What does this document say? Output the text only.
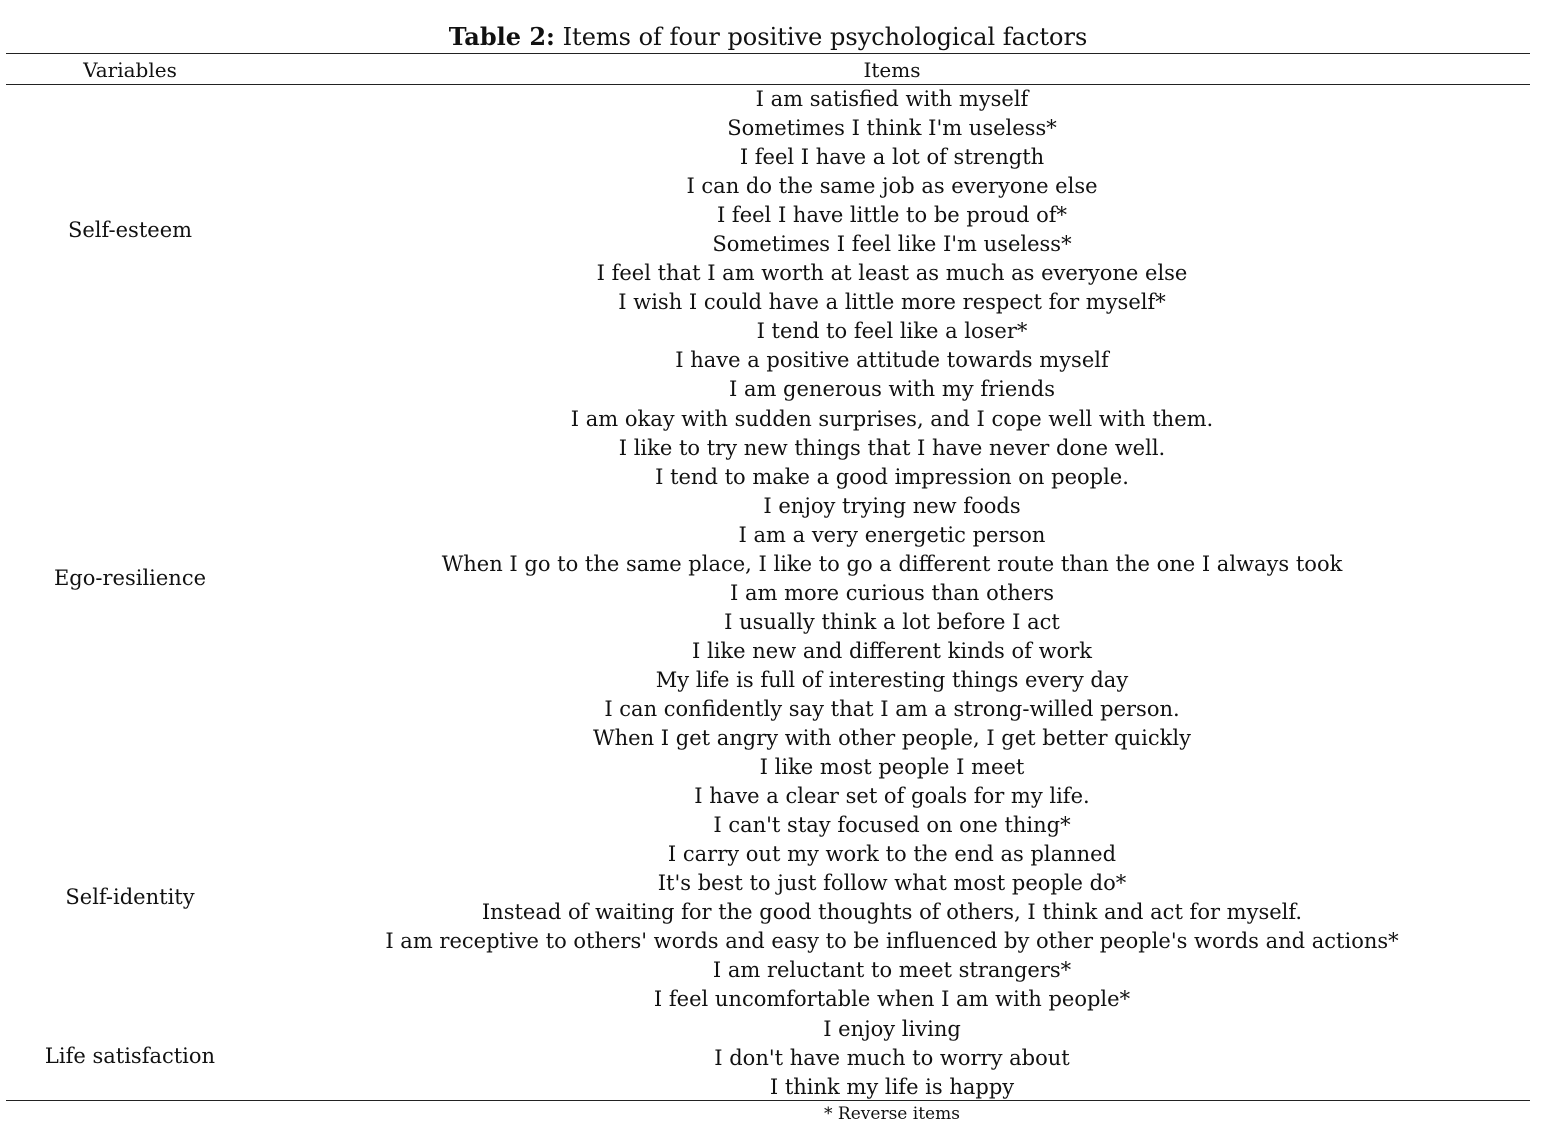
Table 2: Items of four positive psychological factors
Variables	Items
Self-esteem
Ego-resilience
Self-identity
Life satisfaction
I am satisfied with myself
Sometimes I think I'm useless*
I feel I have a lot of strength
I can do the same job as everyone else
I feel I have little to be proud of*
Sometimes I feel like I'm useless*
I feel that I am worth at least as much as everyone else
I wish I could have a little more respect for myself*
I tend to feel like a loser*
I have a positive attitude towards myself
I am generous with my friends
I am okay with sudden surprises, and I cope well with them.
I like to try new things that I have never done well.
I tend to make a good impression on people.
I enjoy trying new foods
I am a very energetic person
When I go to the same place, I like to go a different route than the one I always took
I am more curious than others
I usually think a lot before I act
I like new and different kinds of work
My life is full of interesting things every day
I can confidently say that I am a strong-willed person.
When I get angry with other people, I get better quickly
I like most people I meet
I have a clear set of goals for my life.
I can't stay focused on one thing*
I carry out my work to the end as planned
It's best to just follow what most people do*
Instead of waiting for the good thoughts of others, I think and act for myself.
I am receptive to others' words and easy to be influenced by other people's words and actions*
I am reluctant to meet strangers*
I feel uncomfortable when I am with people*
I enjoy living
I don't have much to worry about
I think my life is happy
* Reverse items
